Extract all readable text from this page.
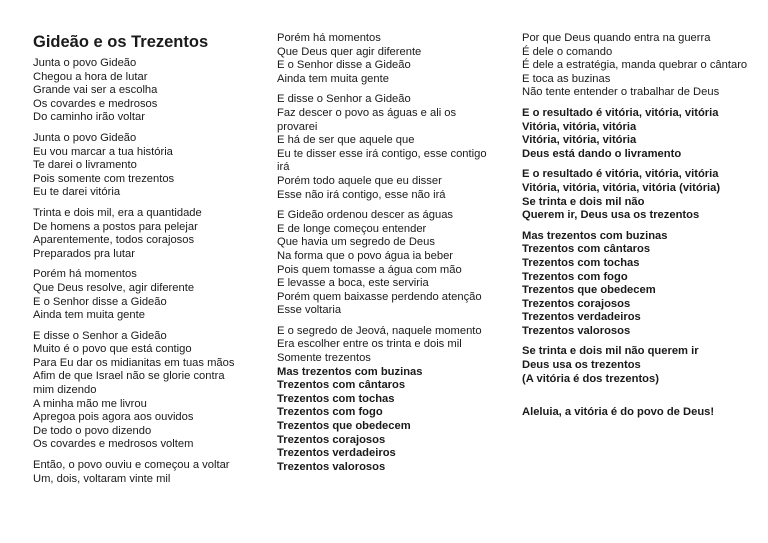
Gideão e os Trezentos
Junta o povo Gideão
Chegou a hora de lutar
Grande vai ser a escolha
Os covardes e medrosos
Do caminho irão voltar
Junta o povo Gideão
Eu vou marcar a tua história
Te darei o livramento
Pois somente com trezentos
Eu te darei vitória
Trinta e dois mil, era a quantidade
De homens a postos para pelejar
Aparentemente, todos corajosos
Preparados pra lutar
Porém há momentos
Que Deus resolve, agir diferente
E o Senhor disse a Gideão
Ainda tem muita gente
E disse o Senhor a Gideão
Muito é o povo que está contigo
Para Eu dar os midianitas em tuas mãos
Afim de que Israel não se glorie contra mim dizendo
A minha mão me livrou
Apregoa pois agora aos ouvidos
De todo o povo dizendo
Os covardes e medrosos voltem
Então, o povo ouviu e começou a voltar
Um, dois, voltaram vinte mil
Porém há momentos
Que Deus quer agir diferente
E o Senhor disse a Gideão
Ainda tem muita gente
E disse o Senhor a Gideão
Faz descer o povo as águas e ali os provarei
E há de ser que aquele que
Eu te disser esse irá contigo, esse contigo irá
Porém todo aquele que eu disser
Esse não irá contigo, esse não irá
E Gideão ordenou descer as águas
E de longe começou entender
Que havia um segredo de Deus
Na forma que o povo água ia beber
Pois quem tomasse a água com mão
E levasse a boca, este serviria
Porém quem baixasse perdendo atenção
Esse voltaria
E o segredo de Jeová, naquele momento
Era escolher entre os trinta e dois mil
Somente trezentos
Mas trezentos com buzinas
Trezentos com cântaros
Trezentos com tochas
Trezentos com fogo
Trezentos que obedecem
Trezentos corajosos
Trezentos verdadeiros
Trezentos valorosos
Por que Deus quando entra na guerra
É dele o comando
É dele a estratégia, manda quebrar o cântaro
E toca as buzinas
Não tente entender o trabalhar de Deus
E o resultado é vitória, vitória, vitória
Vitória, vitória, vitória
Vitória, vitória, vitória
Deus está dando o livramento
E o resultado é vitória, vitória, vitória
Vitória, vitória, vitória, vitória (vitória)
Se trinta e dois mil não
Querem ir, Deus usa os trezentos
Mas trezentos com buzinas
Trezentos com cântaros
Trezentos com tochas
Trezentos com fogo
Trezentos que obedecem
Trezentos corajosos
Trezentos verdadeiros
Trezentos valorosos
Se trinta e dois mil não querem ir
Deus usa os trezentos
(A vitória é dos trezentos)
Aleluia, a vitória é do povo de Deus!
